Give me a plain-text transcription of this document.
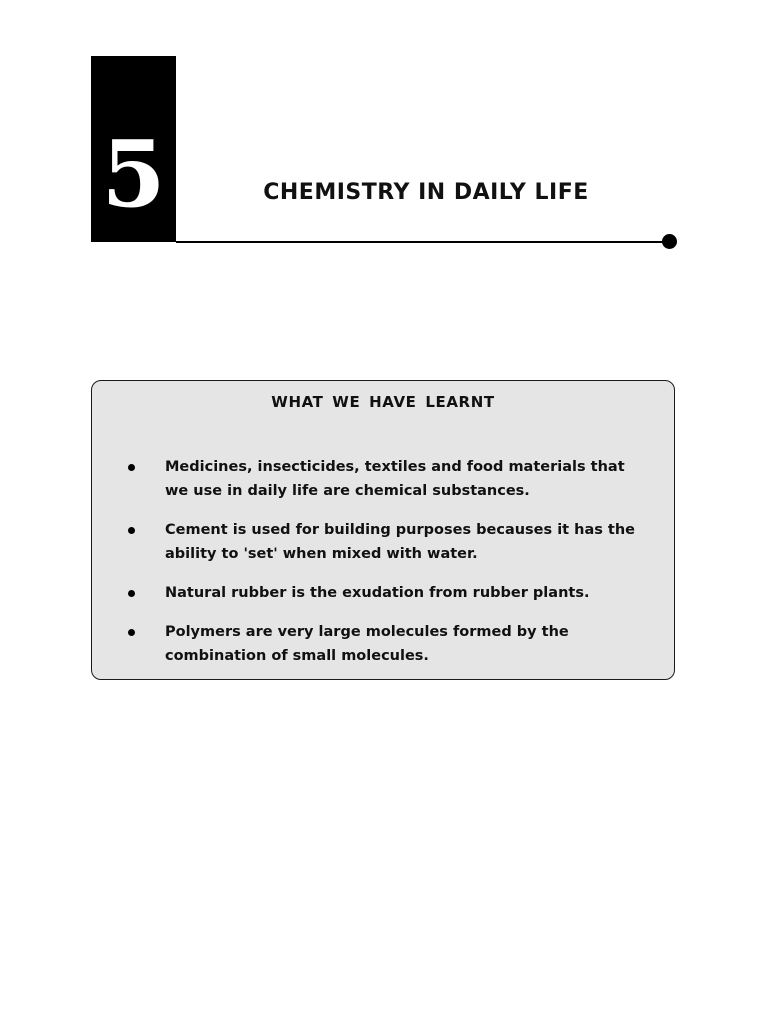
5	CHEMISTRY IN DAILY LIFE
WHAT WE HAVE LEARNT
Medicines, insecticides, textiles and food materials that we use in daily life are chemical substances.
Cement is used for building purposes becauses it has the ability to 'set' when mixed with water.
Natural rubber is the exudation from rubber plants.
Polymers are very large molecules formed by the combination of small molecules.
